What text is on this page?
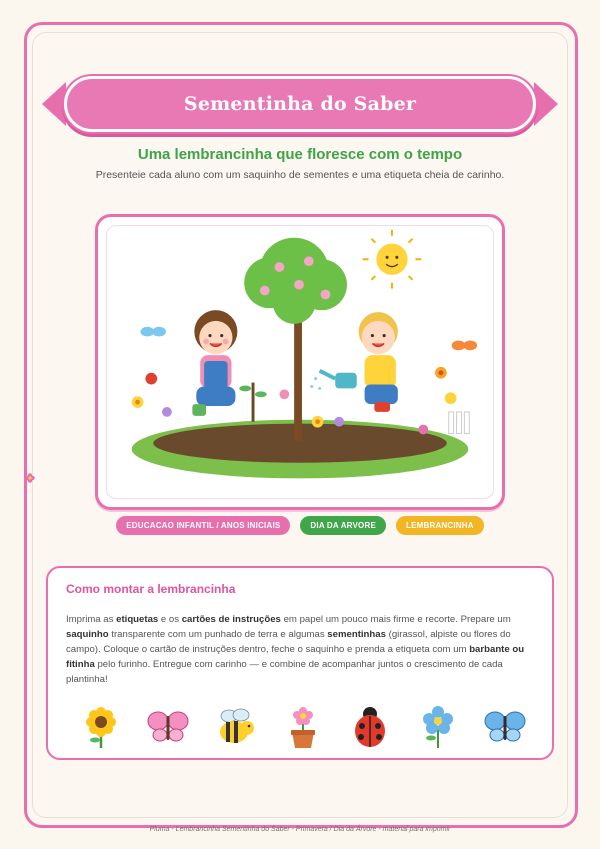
Sementinha do Saber
Uma lembrancinha que floresce com o tempo
Presenteie cada aluno com um saquinho de sementes e uma etiqueta cheia de carinho.
EDUCACAO INFANTIL / ANOS INICIAIS	DIA DA ARVORE	LEMBRANCINHA
Como montar a lembrancinha
Imprima as etiquetas e os cartões de instruções em papel um pouco mais firme e recorte. Prepare um saquinho transparente com um punhado de terra e algumas sementinhas (girassol, alpiste ou flores do campo). Coloque o cartão de instruções dentro, feche o saquinho e prenda a etiqueta com um barbante ou fitinha pelo furinho. Entregue com carinho — e combine de acompanhar juntos o crescimento de cada plantinha!
Pluma - Lembrancinha Sementinha do Saber - Primavera / Dia da Árvore - material para imprimir
